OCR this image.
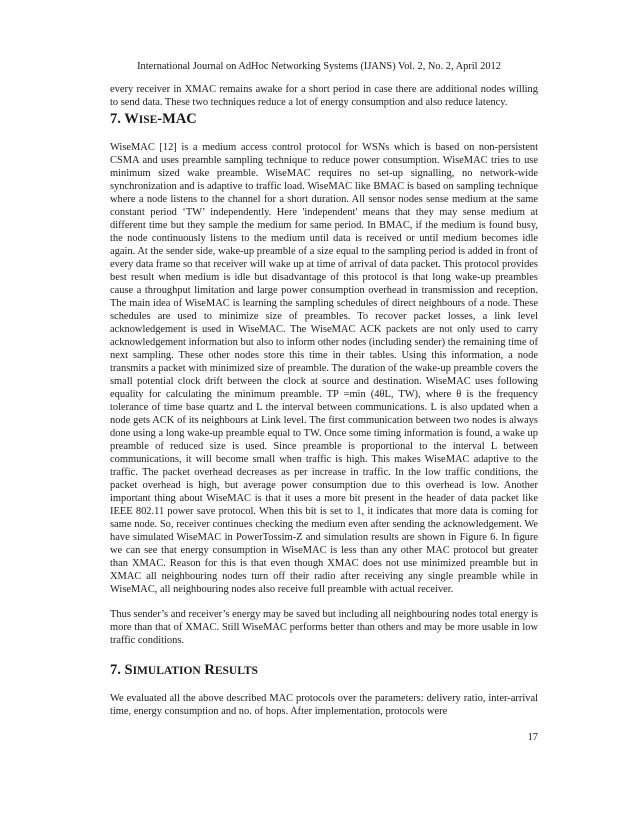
International Journal on AdHoc Networking Systems (IJANS) Vol. 2, No. 2, April 2012

every receiver in XMAC remains awake for a short period in case there are additional nodes willing to send data. These two techniques reduce a lot of energy consumption and also reduce latency.

7. WISE-MAC

WiseMAC [12] is a medium access control protocol for WSNs which is based on non-persistent CSMA and uses preamble sampling technique to reduce power consumption. WiseMAC tries to use minimum sized wake preamble. WiseMAC requires no set-up signalling, no network-wide synchronization and is adaptive to traffic load. WiseMAC like BMAC is based on sampling technique where a node listens to the channel for a short duration. All sensor nodes sense medium at the same constant period ‘TW’ independently. Here 'independent' means that they may sense medium at different time but they sample the medium for same period. In BMAC, if the medium is found busy, the node continuously listens to the medium until data is received or until medium becomes idle again. At the sender side, wake-up preamble of a size equal to the sampling period is added in front of every data frame so that receiver will wake up at time of arrival of data packet. This protocol provides best result when medium is idle but disadvantage of this protocol is that long wake-up preambles cause a throughput limitation and large power consumption overhead in transmission and reception. The main idea of WiseMAC is learning the sampling schedules of direct neighbours of a node. These schedules are used to minimize size of preambles. To recover packet losses, a link level acknowledgement is used in WiseMAC. The WiseMAC ACK packets are not only used to carry acknowledgement information but also to inform other nodes (including sender) the remaining time of next sampling. These other nodes store this time in their tables. Using this information, a node transmits a packet with minimized size of preamble. The duration of the wake-up preamble covers the small potential clock drift between the clock at source and destination. WiseMAC uses following equality for calculating the minimum preamble. TP =min (4θL, TW), where θ is the frequency tolerance of time base quartz and L the interval between communications. L is also updated when a node gets ACK of its neighbours at Link level. The first communication between two nodes is always done using a long wake-up preamble equal to TW. Once some timing information is found, a wake up preamble of reduced size is used. Since preamble is proportional to the interval L between communications, it will become small when traffic is high. This makes WiseMAC adaptive to the traffic. The packet overhead decreases as per increase in traffic. In the low traffic conditions, the packet overhead is high, but average power consumption due to this overhead is low. Another important thing about WiseMAC is that it uses a more bit present in the header of data packet like IEEE 802.11 power save protocol. When this bit is set to 1, it indicates that more data is coming for same node. So, receiver continues checking the medium even after sending the acknowledgement. We have simulated WiseMAC in PowerTossim-Z and simulation results are shown in Figure 6. In figure we can see that energy consumption in WiseMAC is less than any other MAC protocol but greater than XMAC. Reason for this is that even though XMAC does not use minimized preamble but in XMAC all neighbouring nodes turn off their radio after receiving any single preamble while in WiseMAC, all neighbouring nodes also receive full preamble with actual receiver.

Thus sender’s and receiver’s energy may be saved but including all neighbouring nodes total energy is more than that of XMAC. Still WiseMAC performs better than others and may be more usable in low traffic conditions.

7. SIMULATION RESULTS

We evaluated all the above described MAC protocols over the parameters: delivery ratio, inter-arrival time, energy consumption and no. of hops. After implementation, protocols were

17
